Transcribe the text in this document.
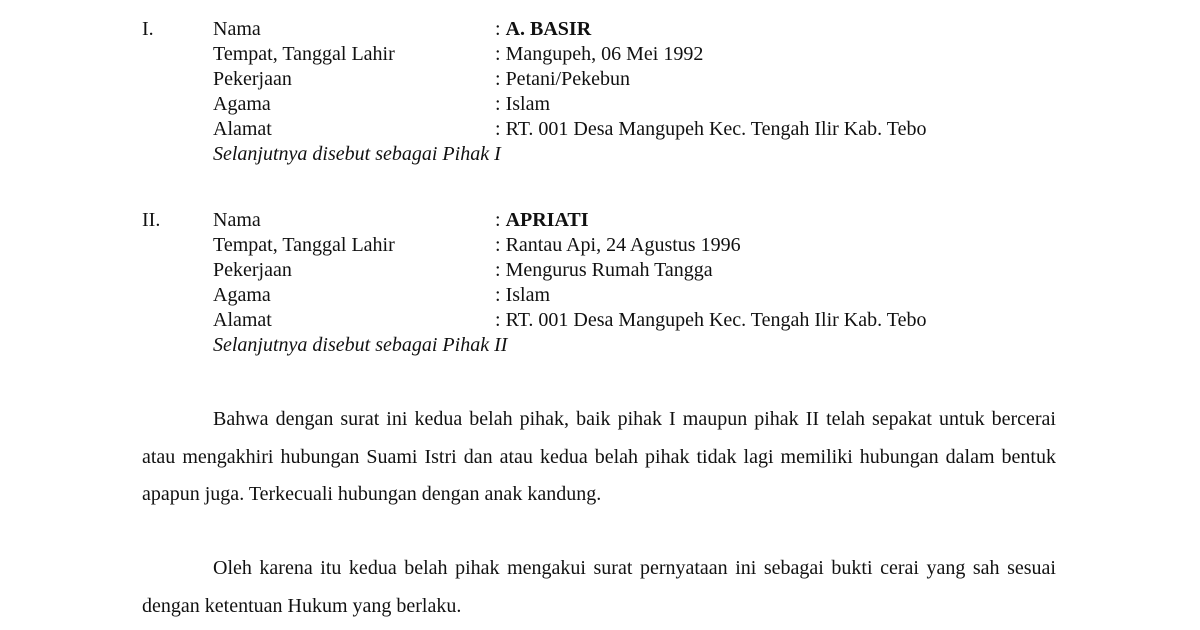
I.	Nama	: A. BASIR
Tempat, Tanggal Lahir	: Mangupeh, 06 Mei 1992
Pekerjaan	: Petani/Pekebun
Agama	: Islam
Alamat	: RT. 001 Desa Mangupeh Kec. Tengah Ilir Kab. Tebo
Selanjutnya disebut sebagai Pihak I
II.	Nama	: APRIATI
Tempat, Tanggal Lahir	: Rantau Api, 24 Agustus 1996
Pekerjaan	: Mengurus Rumah Tangga
Agama	: Islam
Alamat	: RT. 001 Desa Mangupeh Kec. Tengah Ilir Kab. Tebo
Selanjutnya disebut sebagai Pihak II

Bahwa dengan surat ini kedua belah pihak, baik pihak I maupun pihak II telah sepakat untuk bercerai atau mengakhiri hubungan Suami Istri dan atau kedua belah pihak tidak lagi memiliki hubungan dalam bentuk apapun juga. Terkecuali hubungan dengan anak kandung.

Oleh karena itu kedua belah pihak mengakui surat pernyataan ini sebagai bukti cerai yang sah sesuai dengan ketentuan Hukum yang berlaku.
